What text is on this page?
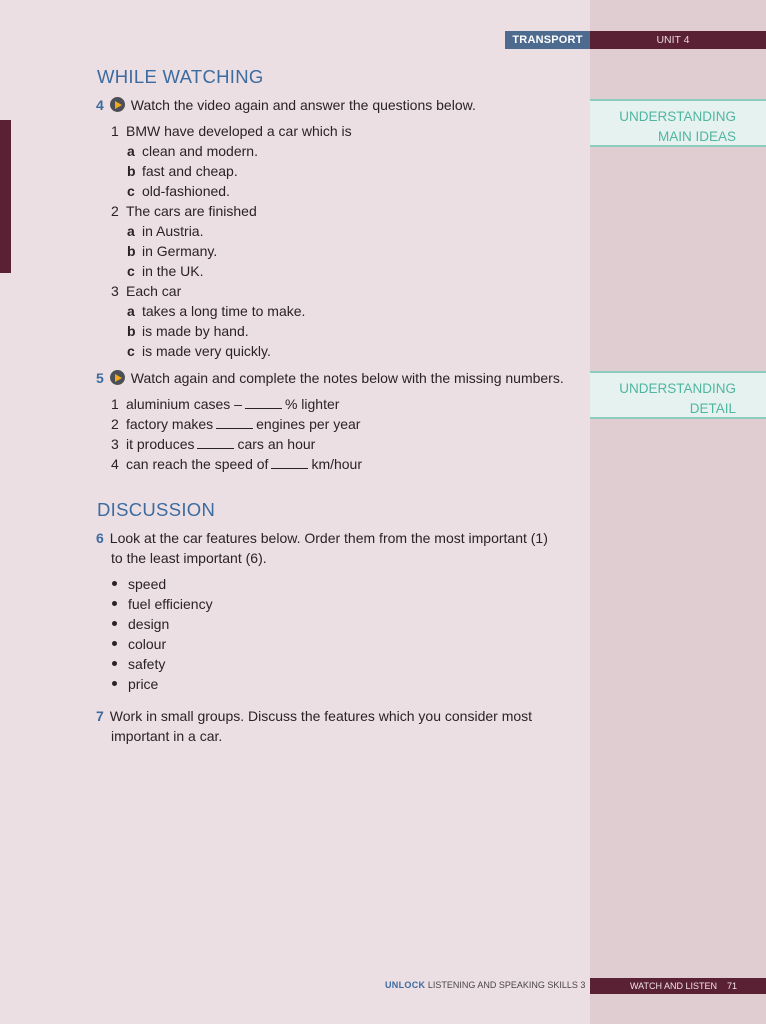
TRANSPORT	UNIT 4
UNDERSTANDING
MAIN IDEAS
UNDERSTANDING
DETAIL
WHILE WATCHING
4 Watch the video again and answer the questions below.
1 BMW have developed a car which is
a clean and modern.
b fast and cheap.
c old-fashioned.
2 The cars are finished
a in Austria.
b in Germany.
c in the UK.
3 Each car
a takes a long time to make.
b is made by hand.
c is made very quickly.
5 Watch again and complete the notes below with the missing numbers.
1 aluminium cases –	% lighter
2 factory makes	engines per year
3 it produces	cars an hour
4 can reach the speed of	km/hour
DISCUSSION
6 Look at the car features below. Order them from the most important (1)
to the least important (6).
speed
fuel efficiency
design
colour
safety
price
7 Work in small groups. Discuss the features which you consider most
important in a car.
UNLOCK LISTENING AND SPEAKING SKILLS 3	WATCH AND LISTEN 71
